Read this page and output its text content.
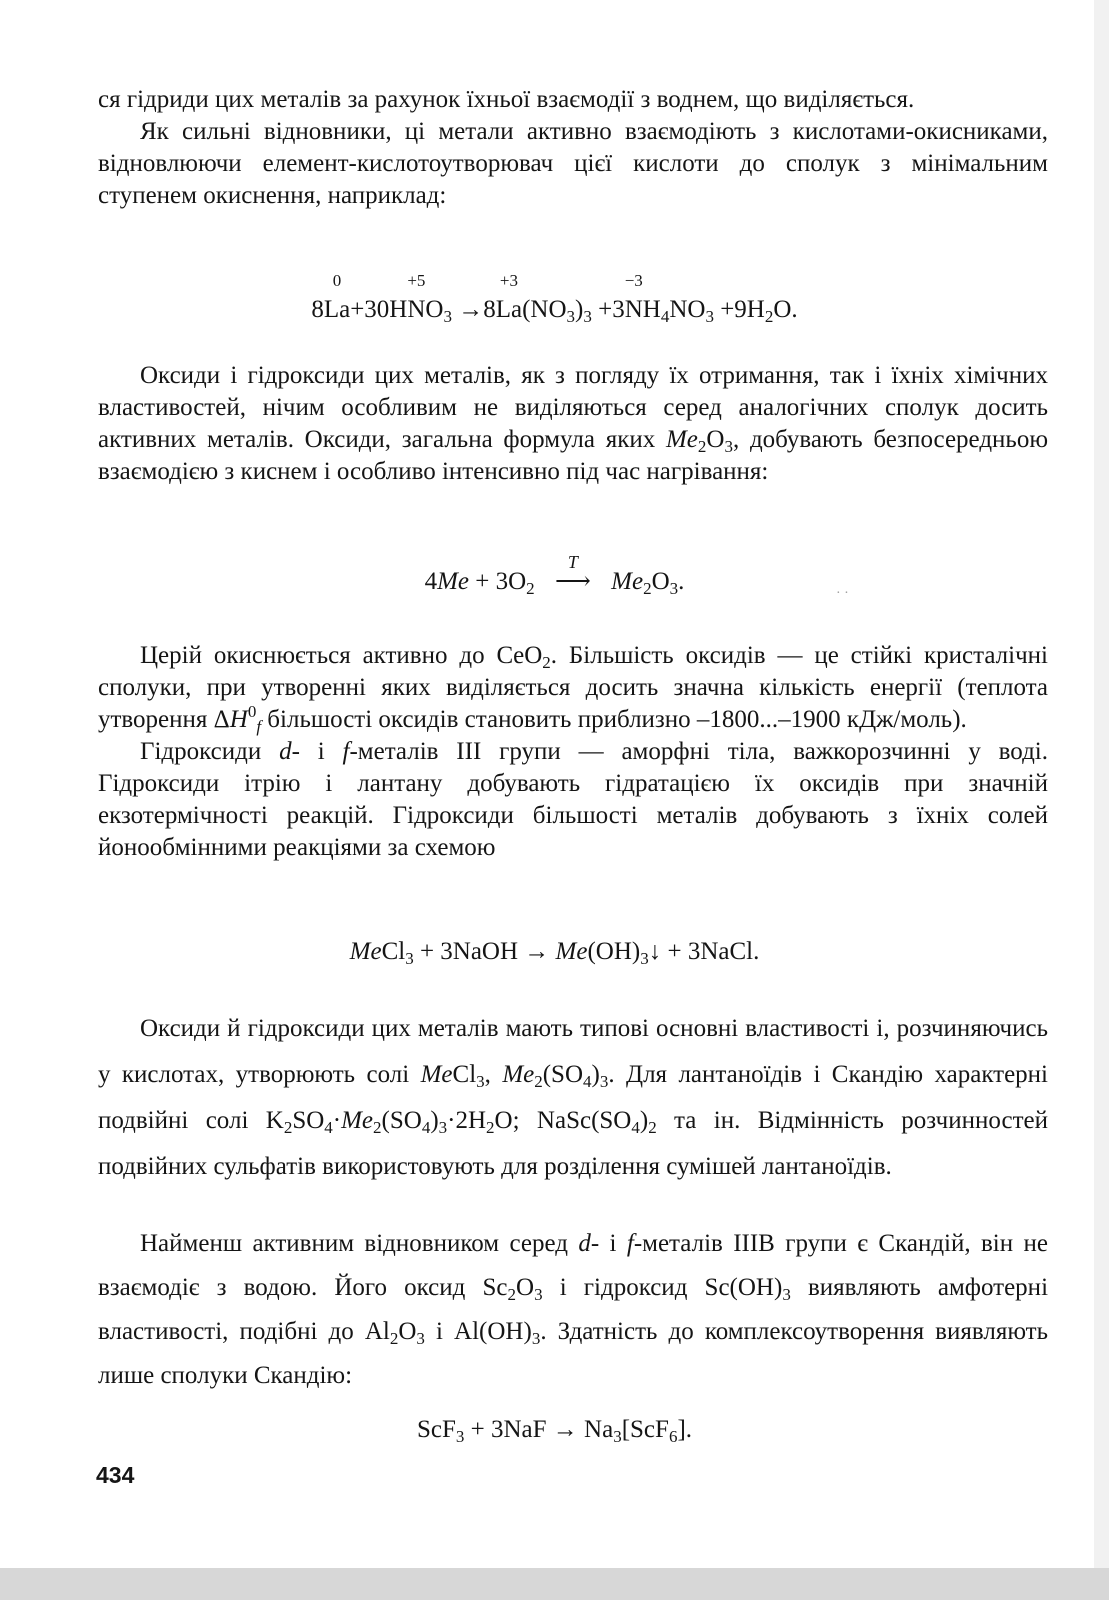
ся гідриди цих металів за рахунок їхньої взаємодії з воднем, що виділяється.

Як сильні відновники, ці метали активно взаємодіють з кислотами-окисниками, відновлюючи елемент-кислотоутворювач цієї кислоти до сполук з мінімальним ступенем окиснення, наприклад:

8
0
La+30H
+5
$NO_3 \to 8$
+3
$La(NO_3)_3 +3$
−3
$NH_4NO_3 +9H_2O$.

Оксиди і гідроксиди цих металів, як з погляду їх отримання, так і їхніх хімічних властивостей, нічим особливим не виділяються серед аналогічних сполук досить активних металів. Оксиди, загальна формула яких $Me_2O_3$, добувають безпосередньою взаємодією з киснем і особливо інтенсивно під час нагрівання:

$4Me + 3O_2$
T
⟶ $Me_2O_3$.	· ·

Церій окиснюється активно до CeO$_2$. Більшість оксидів — це стійкі кристалічні сполуки, при утворенні яких виділяється досить значна кількість енергії (теплота утворення $\Delta H^0_f$ більшості оксидів становить приблизно –1800...–1900 кДж/моль).

Гідроксиди d- і f-металів III групи — аморфні тіла, важкорозчинні у воді. Гідроксиди ітрію і лантану добувають гідратацією їх оксидів при значній екзотермічності реакцій. Гідроксиди більшості металів добувають з їхніх солей йонообмінними реакціями за схемою

MeCl$_3$ + 3NaOH → $Me(OH)_3↓$ + 3NaCl.

Оксиди й гідроксиди цих металів мають типові основні властивості і, розчиняючись у кислотах, утворюють солі MeCl$_3$, $Me_2(SO_4)_3$. Для лантаноїдів і Скандію характерні подвійні солі $K_2SO_4\cdot Me_2(SO_4)_3\cdot 2H_2O$; $NaSc(SO_4)_2$ та ін. Відмінність розчинностей подвійних сульфатів використовують для розділення сумішей лантаноїдів.

Найменш активним відновником серед d- і f-металів IIIB групи є Скандій, він не взаємодіє з водою. Його оксид $Sc_2O_3$ і гідроксид $Sc(OH)_3$ виявляють амфотерні властивості, подібні до $Al_2O_3$ і $Al(OH)_3$. Здатність до комплексоутворення виявляють лише сполуки Скандію:

$ScF_3 + 3NaF \to Na_3[ScF_6]$.
434
